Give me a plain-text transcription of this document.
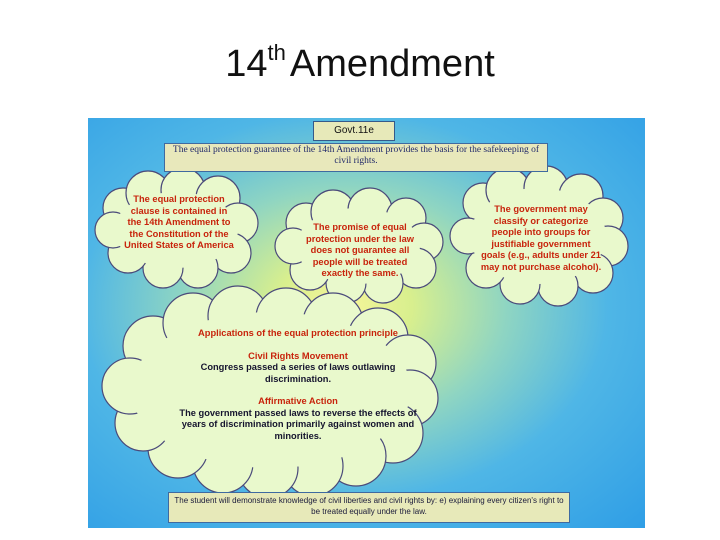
14th Amendment
Govt.11e
The equal protection guarantee of the 14th Amendment provides the basis for the safekeeping of civil rights.
The equal protection clause is contained in the 14th Amendment to the Constitution of the United States of America
The promise of equal protection under the law does not guarantee all people will be treated exactly the same.
The government may classify or categorize people into groups for justifiable government goals (e.g., adults under 21 may not purchase alcohol).
Applications of the equal protection principle
Civil Rights Movement
Congress passed a series of laws outlawing discrimination.
Affirmative Action
The government passed laws to reverse the effects of years of discrimination primarily against women and minorities.
The student will demonstrate knowledge of civil liberties and civil rights by: e) explaining every citizen's right to be treated equally under the law.
